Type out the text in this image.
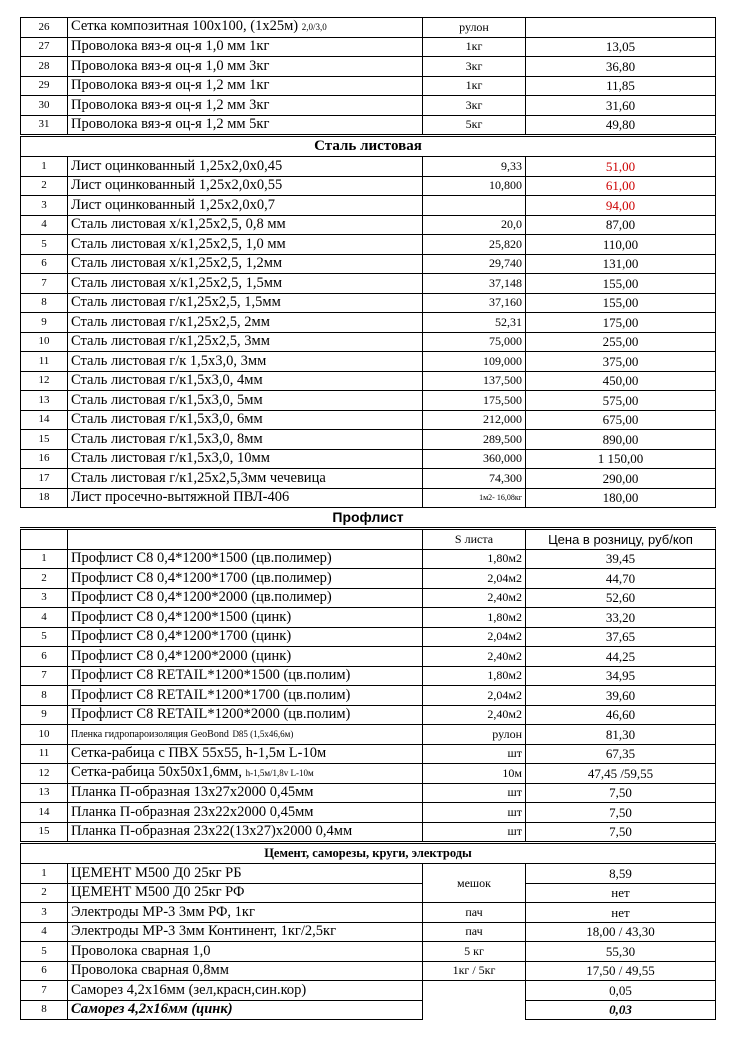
26	Сетка композитная 100х100, (1х25м) 2,0/3,0	рулон	
27	Проволока вяз-я оц-я 1,0 мм 1кг	1кг	13,05
28	Проволока вяз-я оц-я 1,0 мм 3кг	3кг	36,80
29	Проволока вяз-я оц-я 1,2 мм 1кг	1кг	11,85
30	Проволока вяз-я оц-я 1,2 мм 3кг	3кг	31,60
31	Проволока вяз-я оц-я 1,2 мм 5кг	5кг	49,80
Сталь листовая			
1	Лист оцинкованный 1,25х2,0х0,45	9,33	51,00
2	Лист оцинкованный 1,25х2,0х0,55	10,800	61,00
3	Лист оцинкованный 1,25х2,0х0,7		94,00
4	Сталь листовая х/к1,25х2,5, 0,8 мм	20,0	87,00
5	Сталь листовая х/к1,25х2,5, 1,0 мм	25,820	110,00
6	Сталь листовая х/к1,25х2,5, 1,2мм	29,740	131,00
7	Сталь листовая х/к1,25х2,5, 1,5мм	37,148	155,00
8	Сталь листовая г/к1,25х2,5, 1,5мм	37,160	155,00
9	Сталь листовая г/к1,25х2,5, 2мм	52,31	175,00
10	Сталь листовая г/к1,25х2,5, 3мм	75,000	255,00
11	Сталь листовая г/к 1,5х3,0, 3мм	109,000	375,00
12	Сталь листовая г/к1,5х3,0, 4мм	137,500	450,00
13	Сталь листовая г/к1,5х3,0, 5мм	175,500	575,00
14	Сталь листовая г/к1,5х3,0, 6мм	212,000	675,00
15	Сталь листовая г/к1,5х3,0, 8мм	289,500	890,00
16	Сталь листовая г/к1,5х3,0, 10мм	360,000	1 150,00
17	Сталь листовая г/к1,25х2,5,3мм чечевица	74,300	290,00
18	Лист просечно-вытяжной ПВЛ-406	1м2- 16,08кг	180,00
Профлист			
		S листа	Цена в розницу, руб/коп
1	Профлист С8 0,4*1200*1500 (цв.полимер)	1,80м2	39,45
2	Профлист С8 0,4*1200*1700 (цв.полимер)	2,04м2	44,70
3	Профлист С8 0,4*1200*2000 (цв.полимер)	2,40м2	52,60
4	Профлист С8 0,4*1200*1500 (цинк)	1,80м2	33,20
5	Профлист С8 0,4*1200*1700 (цинк)	2,04м2	37,65
6	Профлист С8 0,4*1200*2000 (цинк)	2,40м2	44,25
7	Профлист С8 RETAIL*1200*1500 (цв.полим)	1,80м2	34,95
8	Профлист С8 RETAIL*1200*1700 (цв.полим)	2,04м2	39,60
9	Профлист С8 RETAIL*1200*2000 (цв.полим)	2,40м2	46,60
10	Пленка гидропароизоляция GeoBond D85 (1,5х46,6м)	рулон	81,30
11	Сетка-рабица с ПВХ 55х55, h-1,5м L-10м	шт	67,35
12	Сетка-рабица 50х50х1,6мм, h-1,5м/1,8v L-10м	10м	47,45 /59,55
13	Планка П-образная 13х27х2000 0,45мм	шт	7,50
14	Планка П-образная 23х22х2000 0,45мм	шт	7,50
15	Планка П-образная 23х22(13х27)х2000 0,4мм	шт	7,50
Цемент, саморезы, круги, электроды			
1	ЦЕМЕНТ М500 Д0 25кг РБ	мешок	8,59
2	ЦЕМЕНТ М500 Д0 25кг РФ		нет
3	Электроды МР-3 3мм РФ, 1кг	пач	нет
4	Электроды МР-3 3мм Континент, 1кг/2,5кг	пач	18,00 / 43,30
5	Проволока сварная 1,0	5 кг	55,30
6	Проволока сварная 0,8мм	1кг / 5кг	17,50 / 49,55
7	Саморез 4,2х16мм (зел,красн,син.кор)		0,05
8	Саморез 4,2х16мм (цинк)		0,03
